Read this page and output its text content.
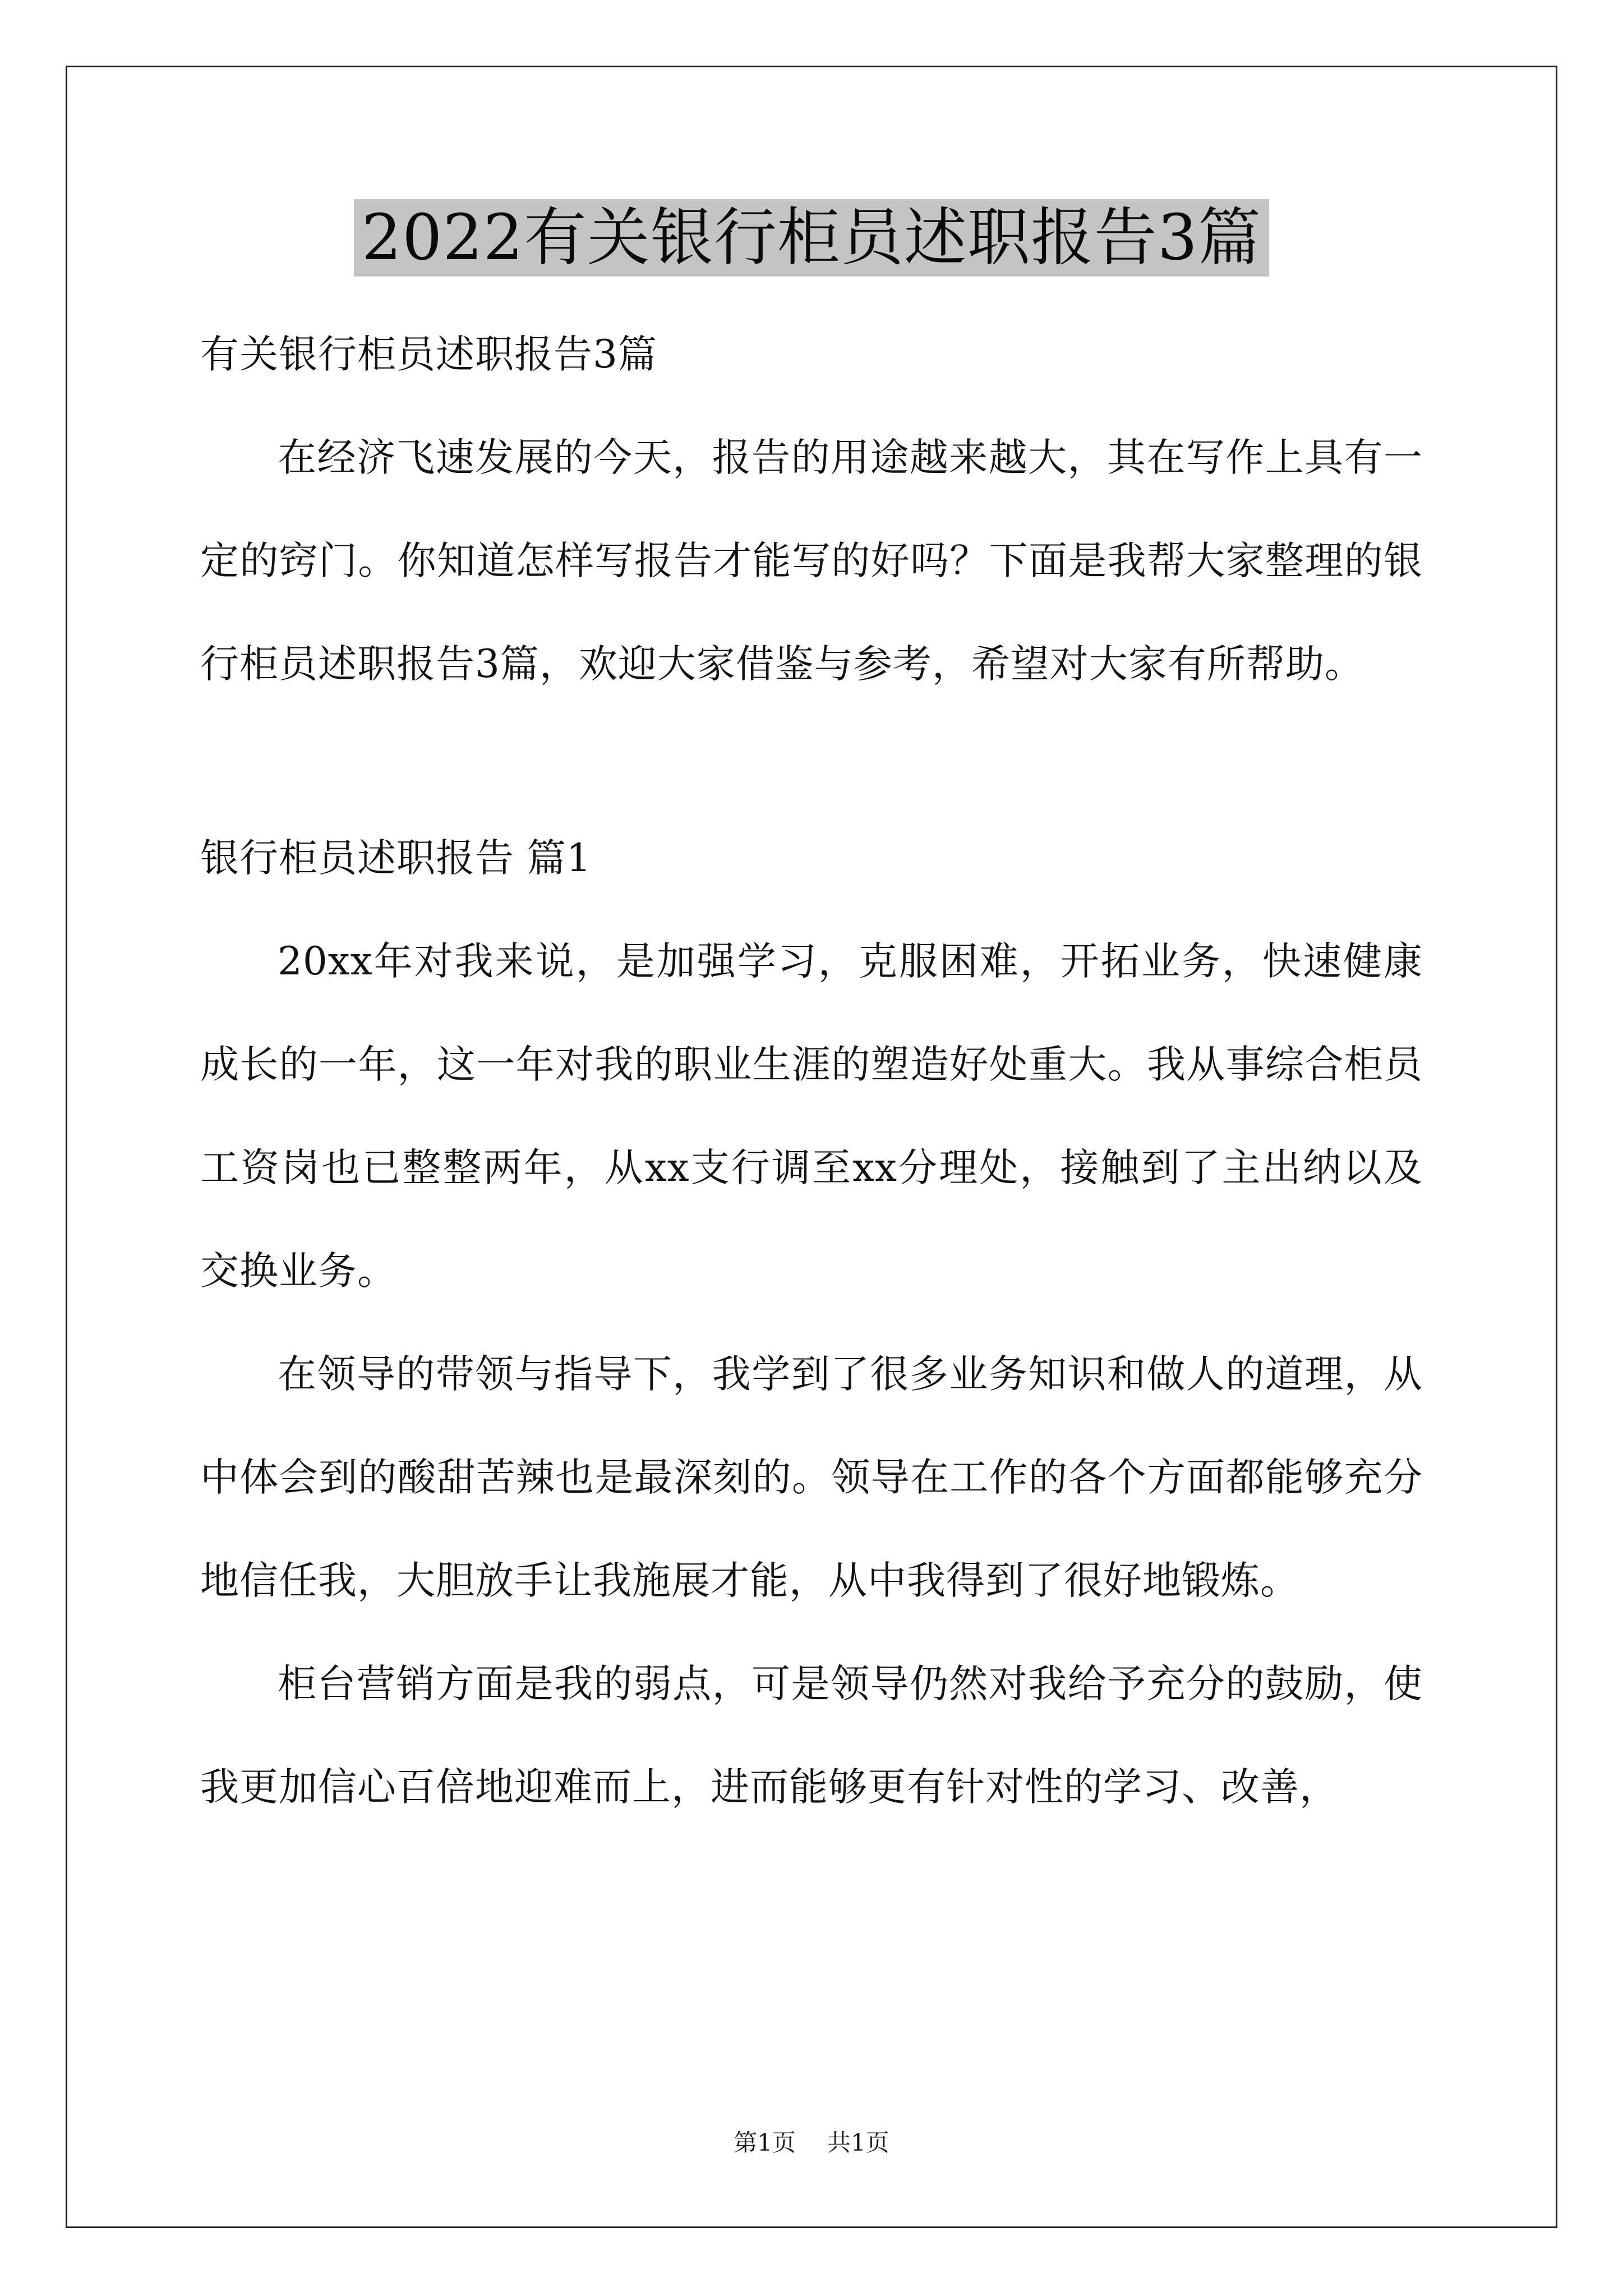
2022有关银行柜员述职报告3篇
有关银行柜员述职报告3篇

在经济飞速发展的今天，报告的用途越来越大，其在写作上具有一定的窍门。你知道怎样写报告才能写的好吗？下面是我帮大家整理的银行柜员述职报告3篇，欢迎大家借鉴与参考，希望对大家有所帮助。

银行柜员述职报告 篇1

20xx年对我来说，是加强学习，克服困难，开拓业务，快速健康成长的一年，这一年对我的职业生涯的塑造好处重大。我从事综合柜员工资岗也已整整两年，从xx支行调至xx分理处，接触到了主出纳以及交换业务。

在领导的带领与指导下，我学到了很多业务知识和做人的道理，从中体会到的酸甜苦辣也是最深刻的。领导在工作的各个方面都能够充分地信任我，大胆放手让我施展才能，从中我得到了很好地锻炼。

柜台营销方面是我的弱点，可是领导仍然对我给予充分的鼓励，使我更加信心百倍地迎难而上，进而能够更有针对性的学习、改善，

第1页 共1页
